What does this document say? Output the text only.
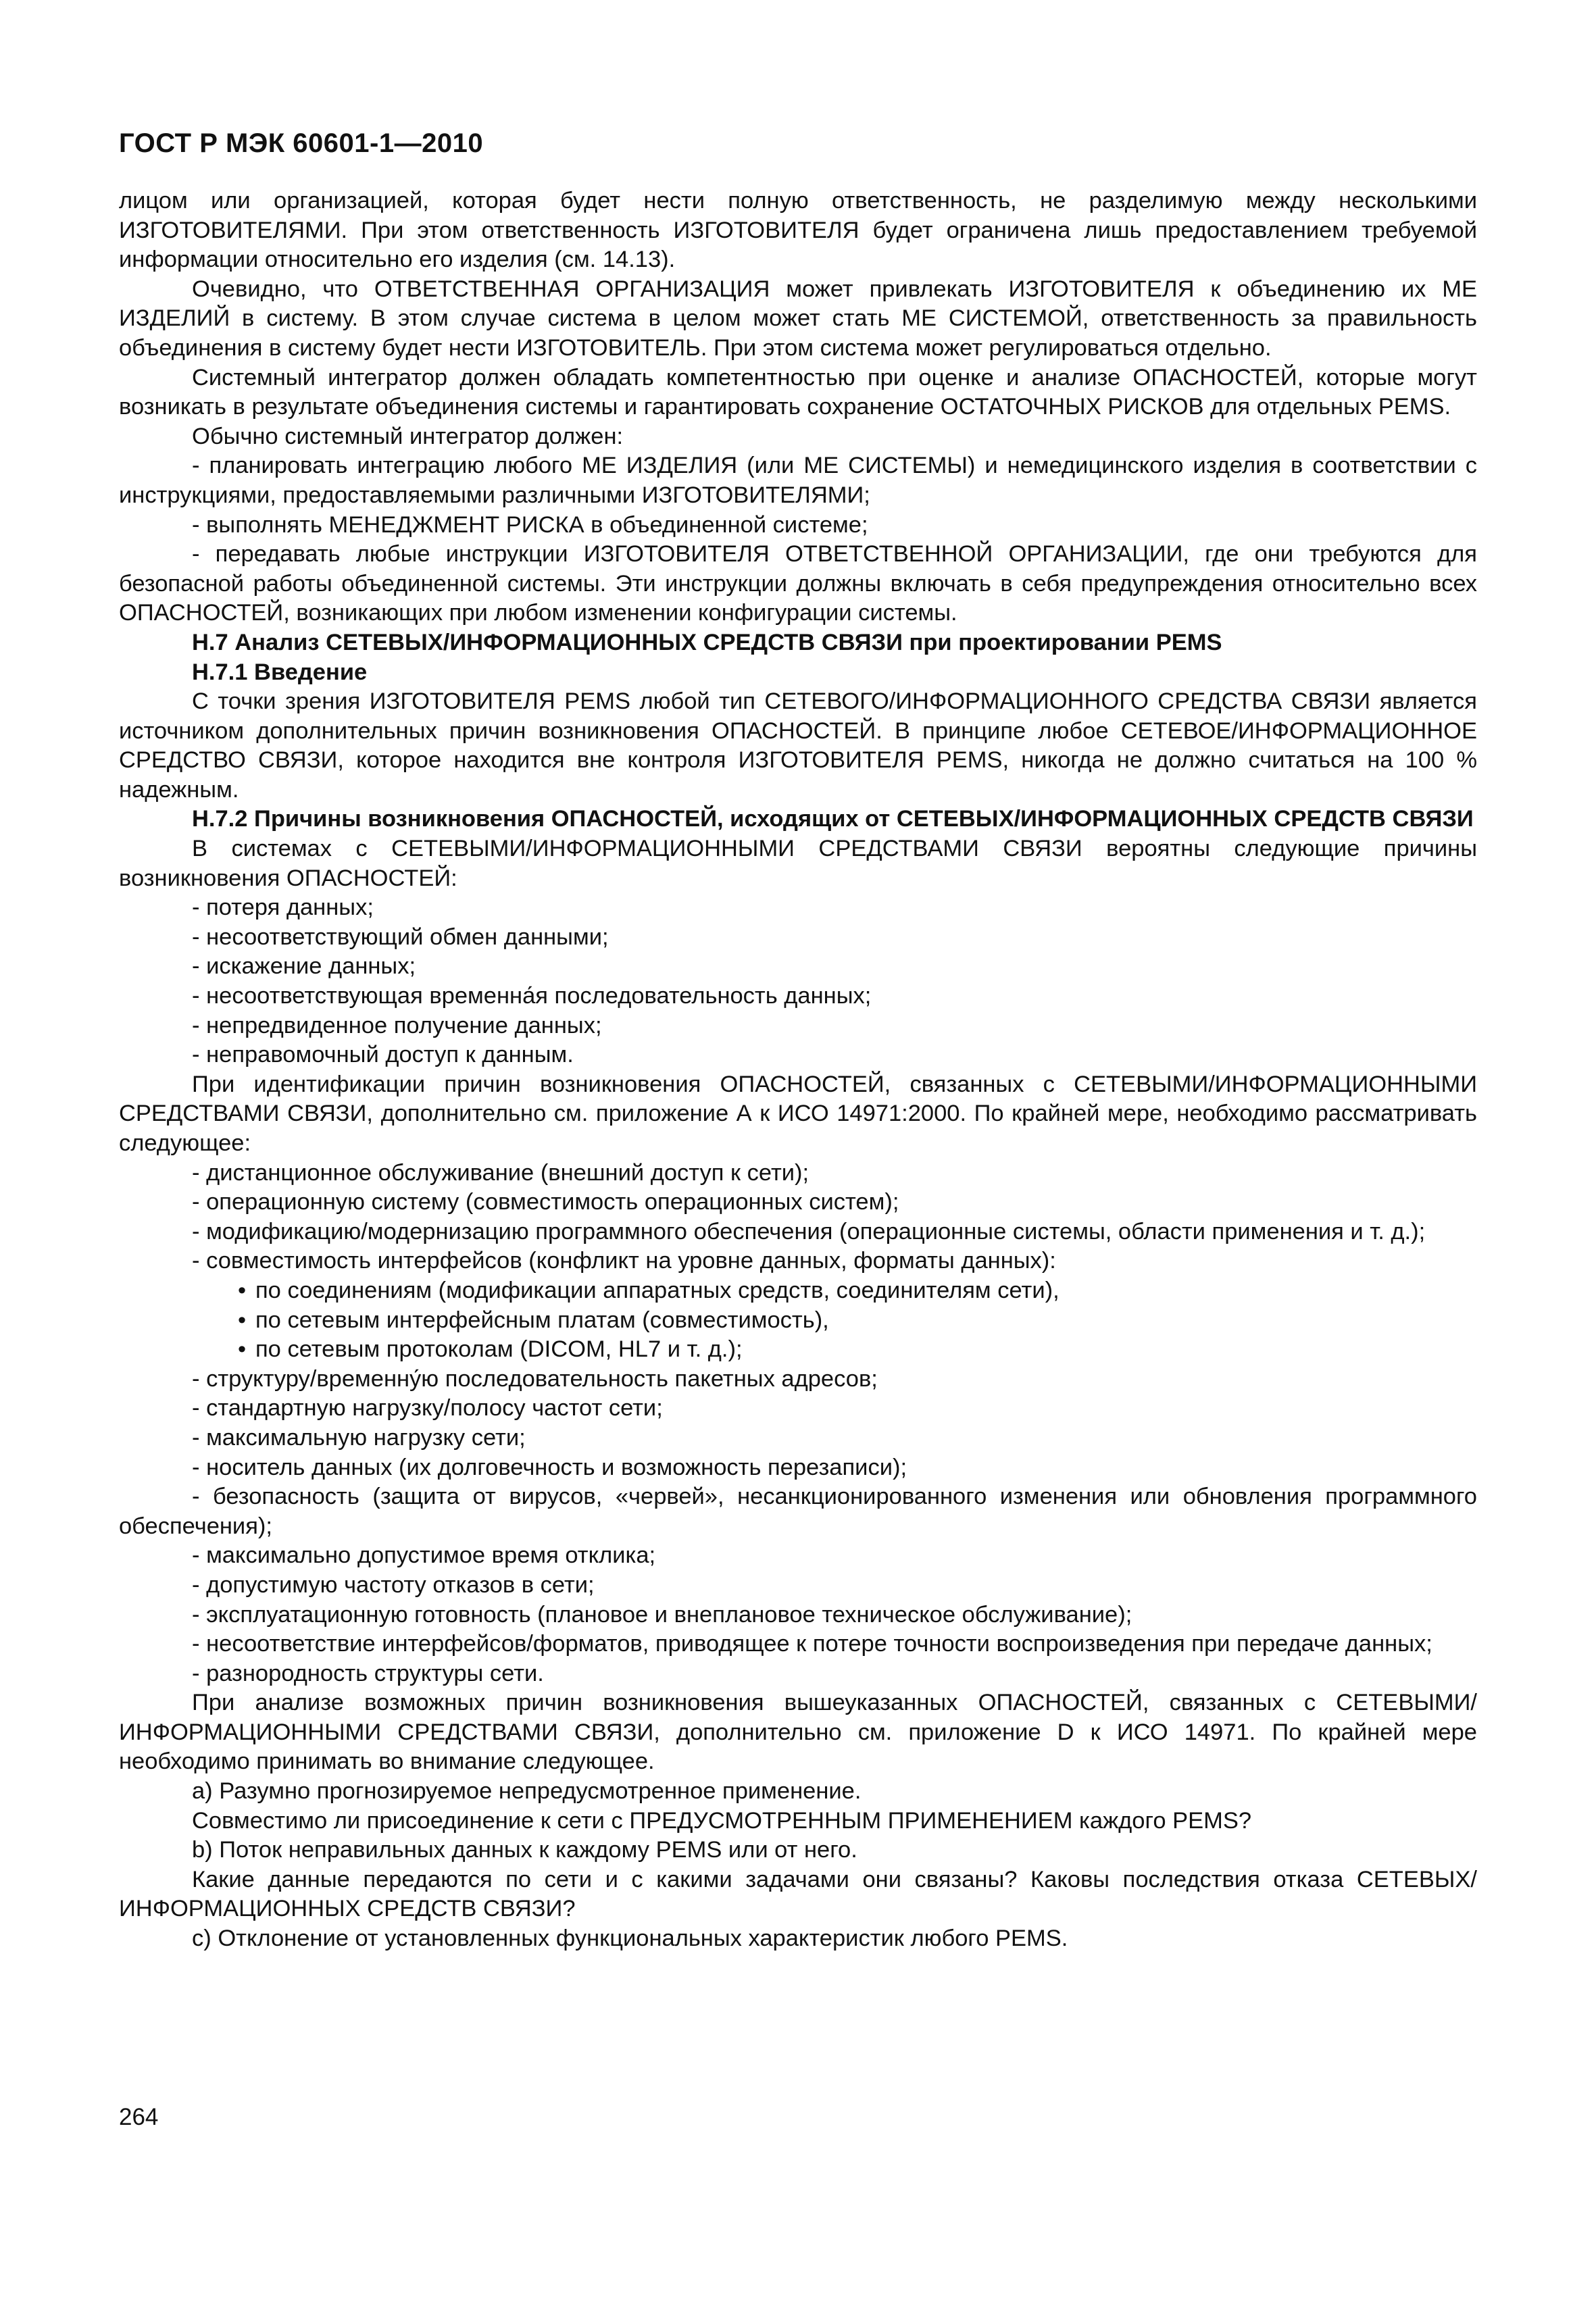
ГОСТ Р МЭК 60601-1—2010

лицом или организацией, которая будет нести полную ответственность, не разделимую между несколькими ИЗГОТОВИТЕЛЯМИ. При этом ответственность ИЗГОТОВИТЕЛЯ будет ограничена лишь предоставлением требуемой информации относительно его изделия (см. 14.13).

Очевидно, что ОТВЕТСТВЕННАЯ ОРГАНИЗАЦИЯ может привлекать ИЗГОТОВИТЕЛЯ к объединению их МЕ ИЗДЕЛИЙ в систему. В этом случае система в целом может стать МЕ СИСТЕМОЙ, ответственность за правильность объединения в систему будет нести ИЗГОТОВИТЕЛЬ. При этом система может регулироваться отдельно.

Системный интегратор должен обладать компетентностью при оценке и анализе ОПАСНОСТЕЙ, которые могут возникать в результате объединения системы и гарантировать сохранение ОСТАТОЧНЫХ РИСКОВ для отдельных PEMS.

Обычно системный интегратор должен:

- планировать интеграцию любого МЕ ИЗДЕЛИЯ (или МЕ СИСТЕМЫ) и немедицинского изделия в соответствии с инструкциями, предоставляемыми различными ИЗГОТОВИТЕЛЯМИ;

- выполнять МЕНЕДЖМЕНТ РИСКА в объединенной системе;

- передавать любые инструкции ИЗГОТОВИТЕЛЯ ОТВЕТСТВЕННОЙ ОРГАНИЗАЦИИ, где они требуются для безопасной работы объединенной системы. Эти инструкции должны включать в себя предупреждения относительно всех ОПАСНОСТЕЙ, возникающих при любом изменении конфигурации системы.

Н.7 Анализ СЕТЕВЫХ/ИНФОРМАЦИОННЫХ СРЕДСТВ СВЯЗИ при проектировании PEMS

Н.7.1 Введение

С точки зрения ИЗГОТОВИТЕЛЯ PEMS любой тип СЕТЕВОГО/ИНФОРМАЦИОННОГО СРЕДСТВА СВЯЗИ является источником дополнительных причин возникновения ОПАСНОСТЕЙ. В принципе любое СЕТЕВОЕ/ИНФОРМАЦИОННОЕ СРЕДСТВО СВЯЗИ, которое находится вне контроля ИЗГОТОВИТЕЛЯ PEMS, никогда не должно считаться на 100 % надежным.

Н.7.2 Причины возникновения ОПАСНОСТЕЙ, исходящих от СЕТЕВЫХ/ИНФОРМАЦИОННЫХ СРЕДСТВ СВЯЗИ

В системах с СЕТЕВЫМИ/ИНФОРМАЦИОННЫМИ СРЕДСТВАМИ СВЯЗИ вероятны следующие причины возникновения ОПАСНОСТЕЙ:

- потеря данных;

- несоответствующий обмен данными;

- искажение данных;

- несоответствующая временна́я последовательность данных;

- непредвиденное получение данных;

- неправомочный доступ к данным.

При идентификации причин возникновения ОПАСНОСТЕЙ, связанных с СЕТЕВЫМИ/ИНФОРМАЦИОННЫМИ СРЕДСТВАМИ СВЯЗИ, дополнительно см. приложение А к ИСО 14971:2000. По крайней мере, необходимо рассматривать следующее:

- дистанционное обслуживание (внешний доступ к сети);

- операционную систему (совместимость операционных систем);

- модификацию/модернизацию программного обеспечения (операционные системы, области применения и т. д.);

- совместимость интерфейсов (конфликт на уровне данных, форматы данных):

• по соединениям (модификации аппаратных средств, соединителям сети),

• по сетевым интерфейсным платам (совместимость),

• по сетевым протоколам (DICOM, HL7 и т. д.);

- структуру/временну́ю последовательность пакетных адресов;

- стандартную нагрузку/полосу частот сети;

- максимальную нагрузку сети;

- носитель данных (их долговечность и возможность перезаписи);

- безопасность (защита от вирусов, «червей», несанкционированного изменения или обновления программного обеспечения);

- максимально допустимое время отклика;

- допустимую частоту отказов в сети;

- эксплуатационную готовность (плановое и внеплановое техническое обслуживание);

- несоответствие интерфейсов/форматов, приводящее к потере точности воспроизведения при передаче данных;

- разнородность структуры сети.

При анализе возможных причин возникновения вышеуказанных ОПАСНОСТЕЙ, связанных с СЕТЕВЫМИ/ИНФОРМАЦИОННЫМИ СРЕДСТВАМИ СВЯЗИ, дополнительно см. приложение D к ИСО 14971. По крайней мере необходимо принимать во внимание следующее.

a) Разумно прогнозируемое непредусмотренное применение.

Совместимо ли присоединение к сети с ПРЕДУСМОТРЕННЫМ ПРИМЕНЕНИЕМ каждого PEMS?

b) Поток неправильных данных к каждому PEMS или от него.

Какие данные передаются по сети и с какими задачами они связаны? Каковы последствия отказа СЕТЕВЫХ/ИНФОРМАЦИОННЫХ СРЕДСТВ СВЯЗИ?

c) Отклонение от установленных функциональных характеристик любого PEMS.

264
